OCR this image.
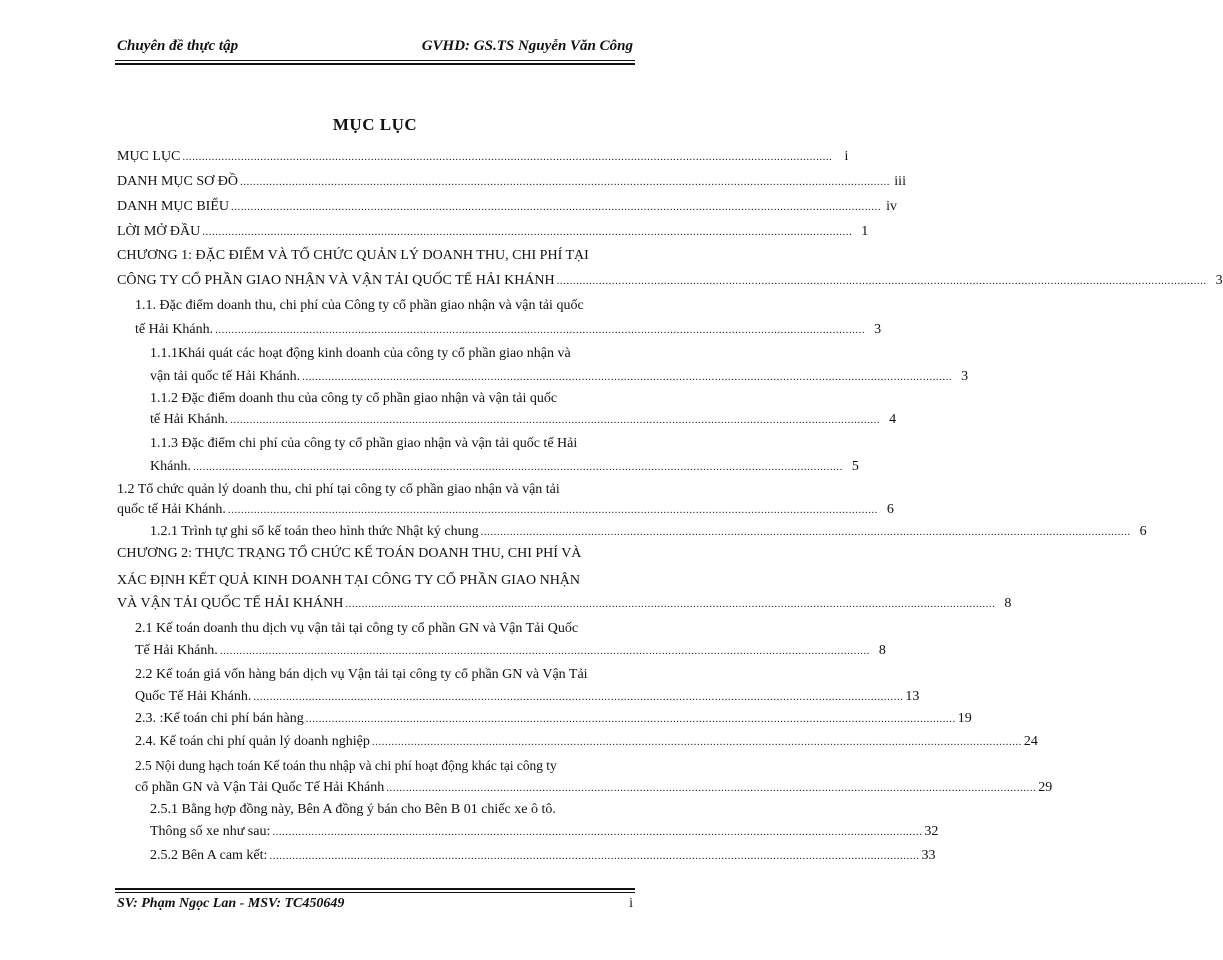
Chuyên đề thực tập	GVHD: GS.TS Nguyễn Văn Công
MỤC LỤC
MỤC LỤC ........................................................................................................................................................................................................ i
DANH MỤC SƠ ĐỒ ........................................................................................................................................................................................................ iii
DANH MỤC BIỂU ........................................................................................................................................................................................................ iv
LỜI MỞ ĐẦU ........................................................................................................................................................................................................ 1
CHƯƠNG 1: ĐẶC ĐIỂM VÀ TỔ CHỨC QUẢN LÝ DOANH THU, CHI PHÍ TẠI
CÔNG TY CỔ PHẦN GIAO NHẬN VÀ VẬN TẢI QUỐC TẾ HẢI KHÁNH ........................................................................................................................................................................................................ 3
1.1. Đặc điểm doanh thu, chi phí của Công ty cổ phần giao nhận và vận tải quốc
tế Hải Khánh. ........................................................................................................................................................................................................ 3
1.1.1Khái quát các hoạt động kinh doanh của công ty cổ phần giao nhận và
vận tải quốc tế Hải Khánh. ........................................................................................................................................................................................................ 3
1.1.2 Đặc điểm doanh thu của công ty cổ phần giao nhận và vận tải quốc
tế Hải Khánh. ........................................................................................................................................................................................................ 4
1.1.3 Đặc điểm chi phí của công ty cổ phần giao nhận và vận tải quốc tế Hải
Khánh. ........................................................................................................................................................................................................ 5
1.2 Tổ chức quản lý doanh thu, chi phí tại công ty cổ phần giao nhận và vận tải
quốc tế Hải Khánh. ........................................................................................................................................................................................................ 6
1.2.1 Trình tự ghi sổ kế toán theo hình thức Nhật ký chung ........................................................................................................................................................................................................ 6
CHƯƠNG 2: THỰC TRẠNG TỔ CHỨC KẾ TOÁN DOANH THU, CHI PHÍ VÀ
XÁC ĐỊNH KẾT QUẢ KINH DOANH TẠI CÔNG TY CỔ PHẦN GIAO NHẬN
VÀ VẬN TẢI QUỐC TẾ HẢI KHÁNH ........................................................................................................................................................................................................ 8
2.1 Kế toán doanh thu dịch vụ vận tải tại công ty cổ phần GN và Vận Tải Quốc
Tế Hải Khánh. ........................................................................................................................................................................................................ 8
2.2 Kế toán giá vốn hàng bán dịch vụ Vận tải tại công ty cổ phần GN và Vận Tải
Quốc Tế Hải Khánh. ........................................................................................................................................................................................................ 13
2.3. :Kế toán chi phí bán hàng ........................................................................................................................................................................................................ 19
2.4. Kế toán chi phí quản lý doanh nghiệp ........................................................................................................................................................................................................ 24
2.5 Nội dung hạch toán Kế toán thu nhập và chi phí hoạt động khác tại công ty
cổ phần GN và Vận Tải Quốc Tế Hải Khánh ........................................................................................................................................................................................................ 29
2.5.1 Bằng hợp đồng này, Bên A đồng ý bán cho Bên B 01 chiếc xe ô tô.
Thông số xe như sau: ........................................................................................................................................................................................................ 32
2.5.2 Bên A cam kết: ........................................................................................................................................................................................................ 33
SV: Phạm Ngọc Lan - MSV: TC450649	i
